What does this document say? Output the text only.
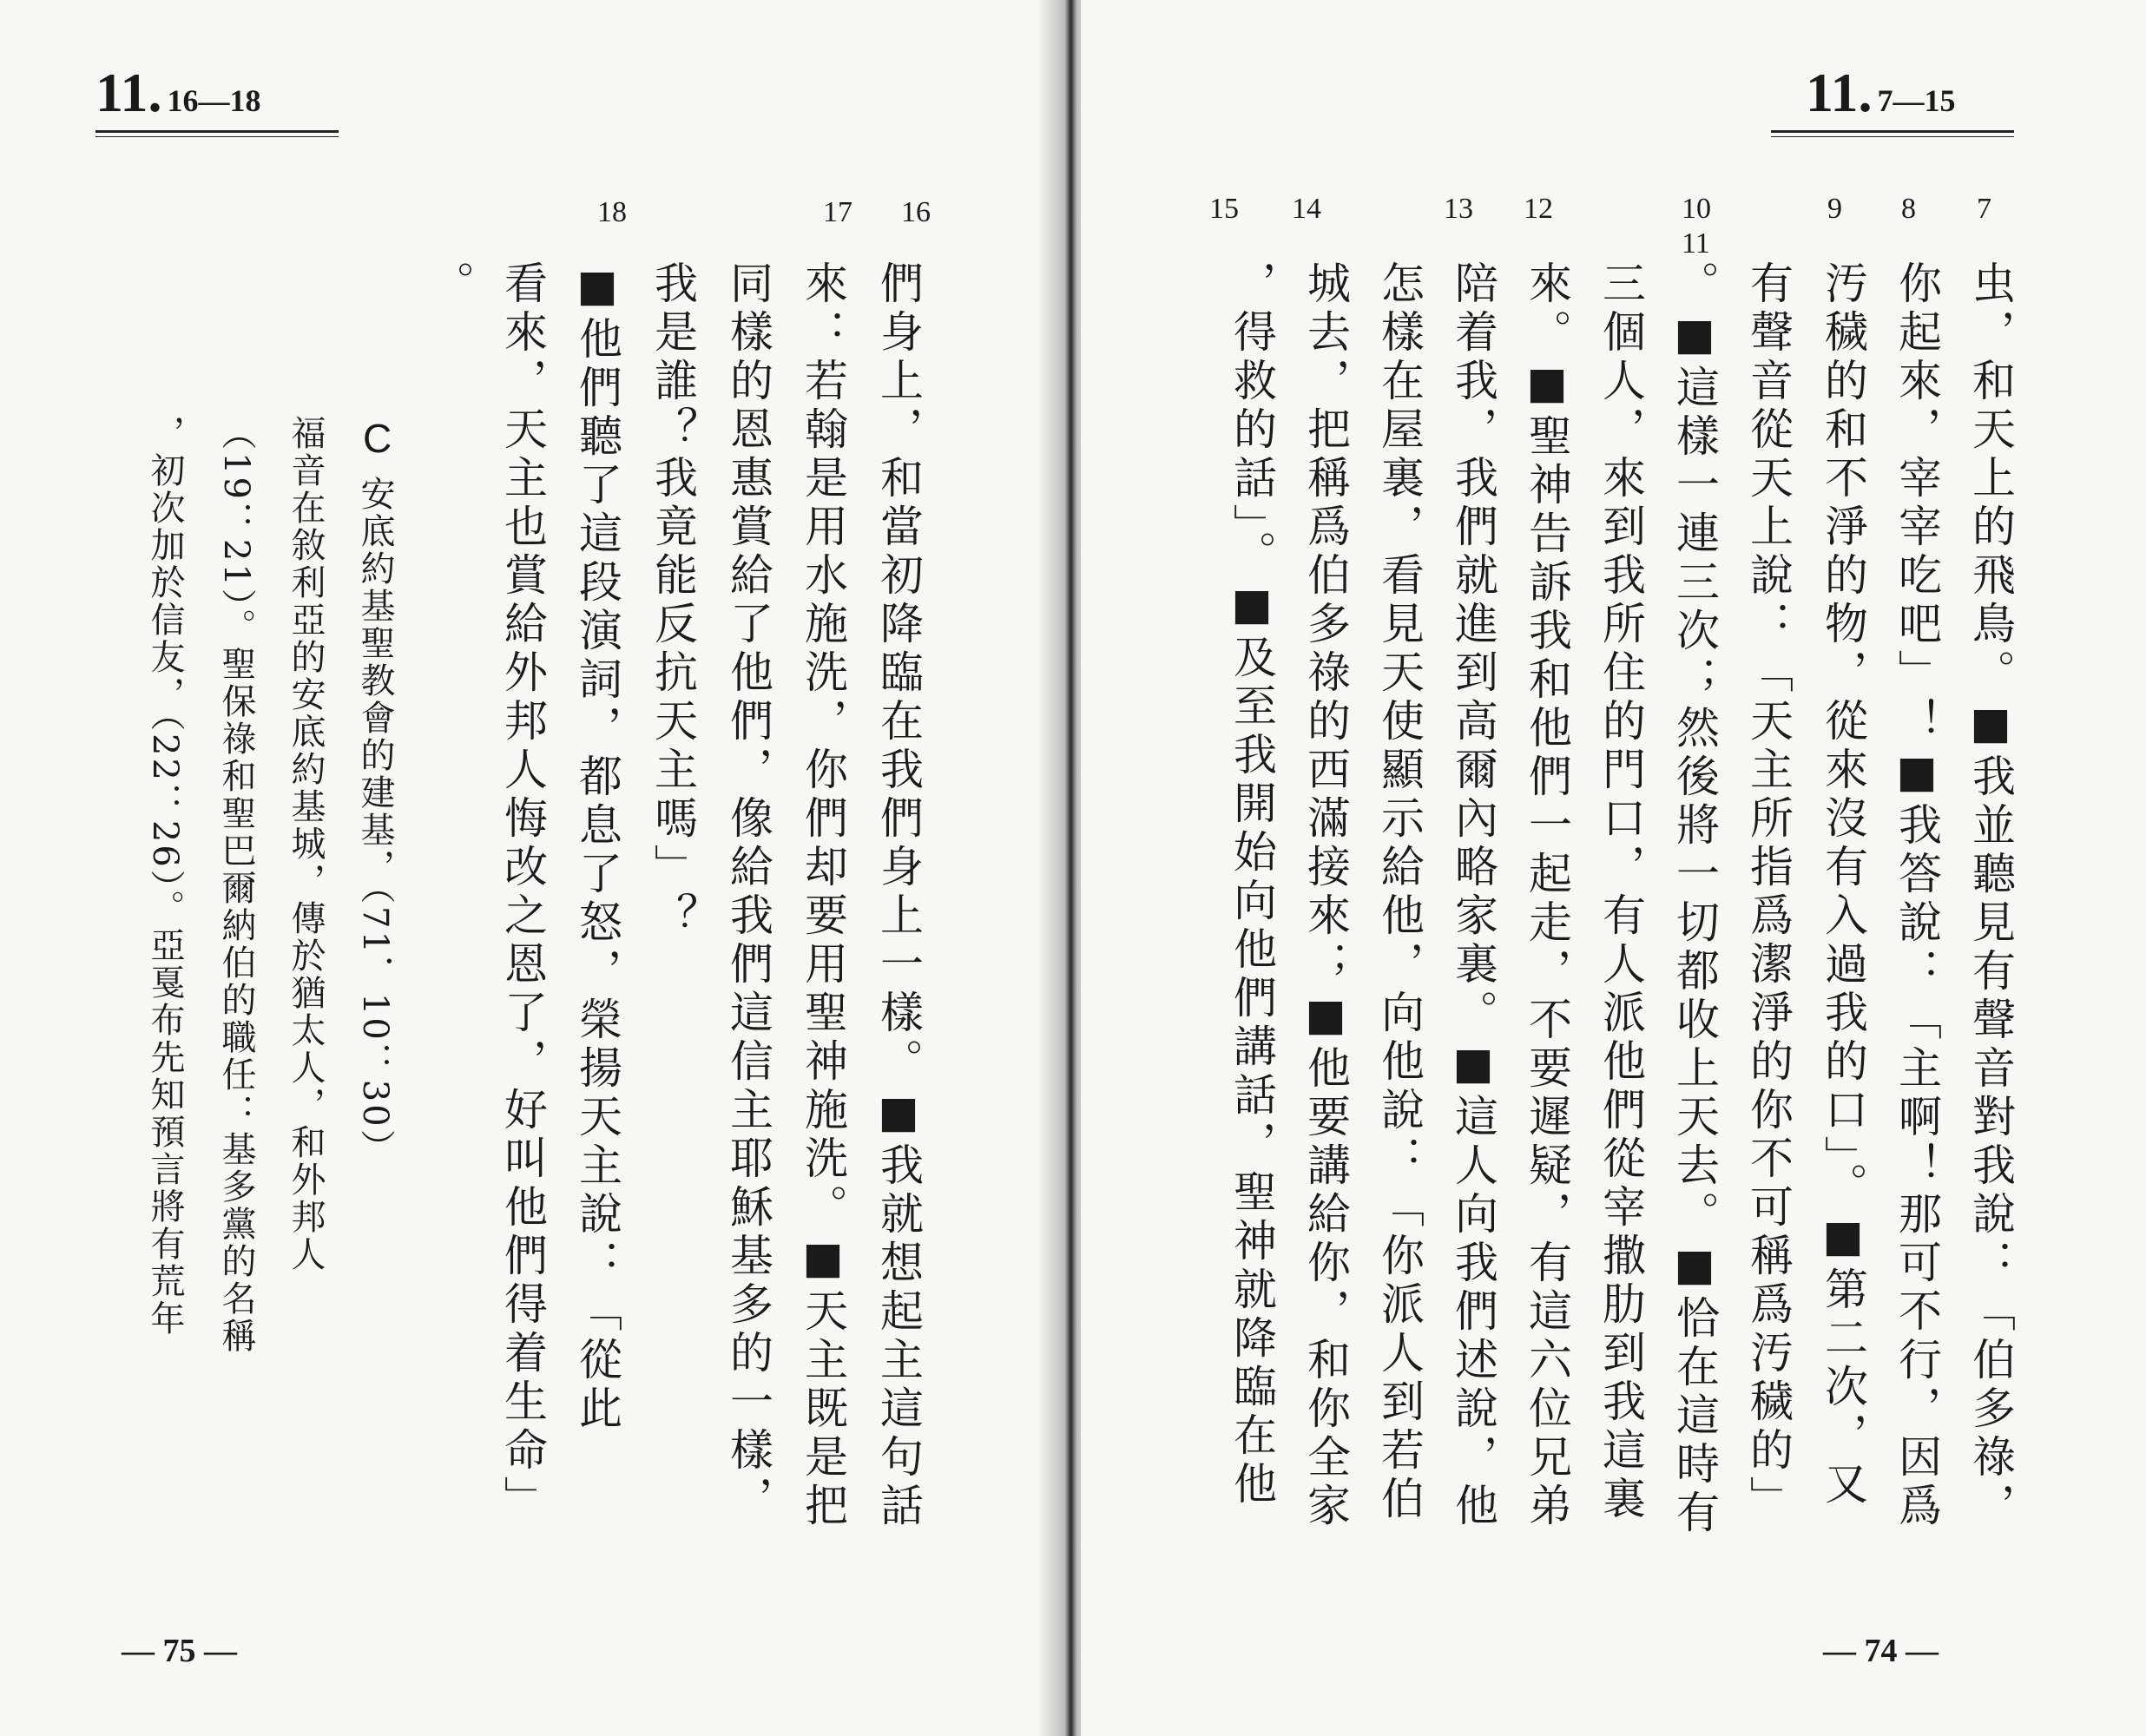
11. 16—18
16
17
18
們身上，和當初降臨在我們身上一樣。■我就想起主這句話
來：若翰是用水施洗，你們却要用聖神施洗。■天主既是把
同樣的恩惠賞給了他們，像給我們這信主耶穌基多的一樣，
我是誰？我竟能反抗天主嗎」？
■他們聽了這段演詞，都息了怒，榮揚天主說：「從此
看來，天主也賞給外邦人悔改之恩了，好叫他們得着生命」
。
C
安底約基聖教會的建基，（71．10：30）
福音在敘利亞的安底約基城，傳於猶太人，和外邦人
（19：21）。聖保祿和聖巴爾納伯的職任：基多黨的名稱
，初次加於信友，（22：26）。亞戛布先知預言將有荒年
— 75 —
11. 7—15
7
8
9
10
11
12
13
14
15
虫，和天上的飛鳥。■我並聽見有聲音對我說：「伯多祿，
你起來，宰宰吃吧」！■我答說：「主啊！那可不行，因爲
汚穢的和不淨的物，從來沒有入過我的口」。■第二次，又
有聲音從天上說：「天主所指爲潔淨的你不可稱爲汚穢的」
。■這樣一連三次；然後將一切都收上天去。■恰在這時有
三個人，來到我所住的門口，有人派他們從宰撒肋到我這裏
來。■聖神告訴我和他們一起走，不要遲疑，有這六位兄弟
陪着我，我們就進到高爾內略家裏。■這人向我們述說，他
怎樣在屋裏，看見天使顯示給他，向他說：「你派人到若伯
城去，把稱爲伯多祿的西滿接來；■他要講給你，和你全家
，得救的話」。■及至我開始向他們講話，聖神就降臨在他
— 74 —
